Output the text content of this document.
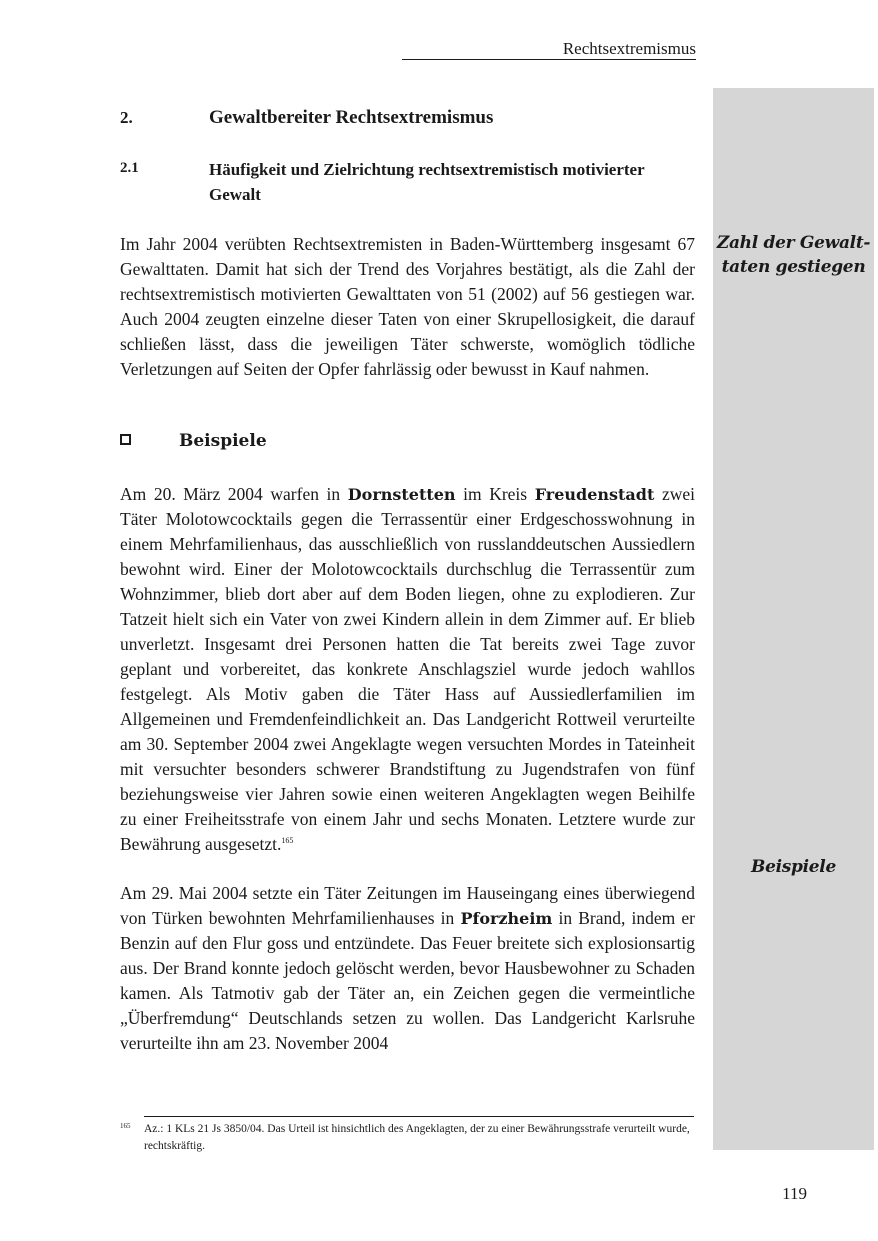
Rechtsextremismus
Zahl der Gewalt-taten gestiegen
Beispiele
2.	Gewaltbereiter Rechtsextremismus
2.1	Häufigkeit und Zielrichtung rechtsextremistisch motivierter Gewalt
Im Jahr 2004 verübten Rechtsextremisten in Baden-Württemberg insgesamt 67 Gewalttaten. Damit hat sich der Trend des Vorjahres bestätigt, als die Zahl der rechtsextremistisch motivierten Gewalttaten von 51 (2002) auf 56 gestiegen war. Auch 2004 zeugten einzelne dieser Taten von einer Skrupellosigkeit, die darauf schließen lässt, dass die jeweiligen Täter schwerste, womöglich tödliche Verletzungen auf Seiten der Opfer fahrlässig oder bewusst in Kauf nahmen.
Beispiele
Am 20. März 2004 warfen in Dornstetten im Kreis Freudenstadt zwei Täter Molotowcocktails gegen die Terrassentür einer Erdgeschosswohnung in einem Mehrfamilienhaus, das ausschließlich von russlanddeutschen Aussiedlern bewohnt wird. Einer der Molotowcocktails durchschlug die Terrassentür zum Wohnzimmer, blieb dort aber auf dem Boden liegen, ohne zu explodieren. Zur Tatzeit hielt sich ein Vater von zwei Kindern allein in dem Zimmer auf. Er blieb unverletzt. Insgesamt drei Personen hatten die Tat bereits zwei Tage zuvor geplant und vorbereitet, das konkrete Anschlagsziel wurde jedoch wahllos festgelegt. Als Motiv gaben die Täter Hass auf Aussiedlerfamilien im Allgemeinen und Fremdenfeindlichkeit an. Das Landgericht Rottweil verurteilte am 30. September 2004 zwei Angeklagte wegen versuchten Mordes in Tateinheit mit versuchter besonders schwerer Brandstiftung zu Jugendstrafen von fünf beziehungsweise vier Jahren sowie einen weiteren Angeklagten wegen Beihilfe zu einer Freiheitsstrafe von einem Jahr und sechs Monaten. Letztere wurde zur Bewährung ausgesetzt.$^{165}$
Am 29. Mai 2004 setzte ein Täter Zeitungen im Hauseingang eines überwiegend von Türken bewohnten Mehrfamilienhauses in Pforzheim in Brand, indem er Benzin auf den Flur goss und entzündete. Das Feuer breitete sich explosionsartig aus. Der Brand konnte jedoch gelöscht werden, bevor Hausbewohner zu Schaden kamen. Als Tatmotiv gab der Täter an, ein Zeichen gegen die vermeintliche „Überfremdung“ Deutschlands setzen zu wollen. Das Landgericht Karlsruhe verurteilte ihn am 23. November 2004
165 Az.: 1 KLs 21 Js 3850/04. Das Urteil ist hinsichtlich des Angeklagten, der zu einer Bewährungsstrafe verurteilt wurde, rechtskräftig.
119
